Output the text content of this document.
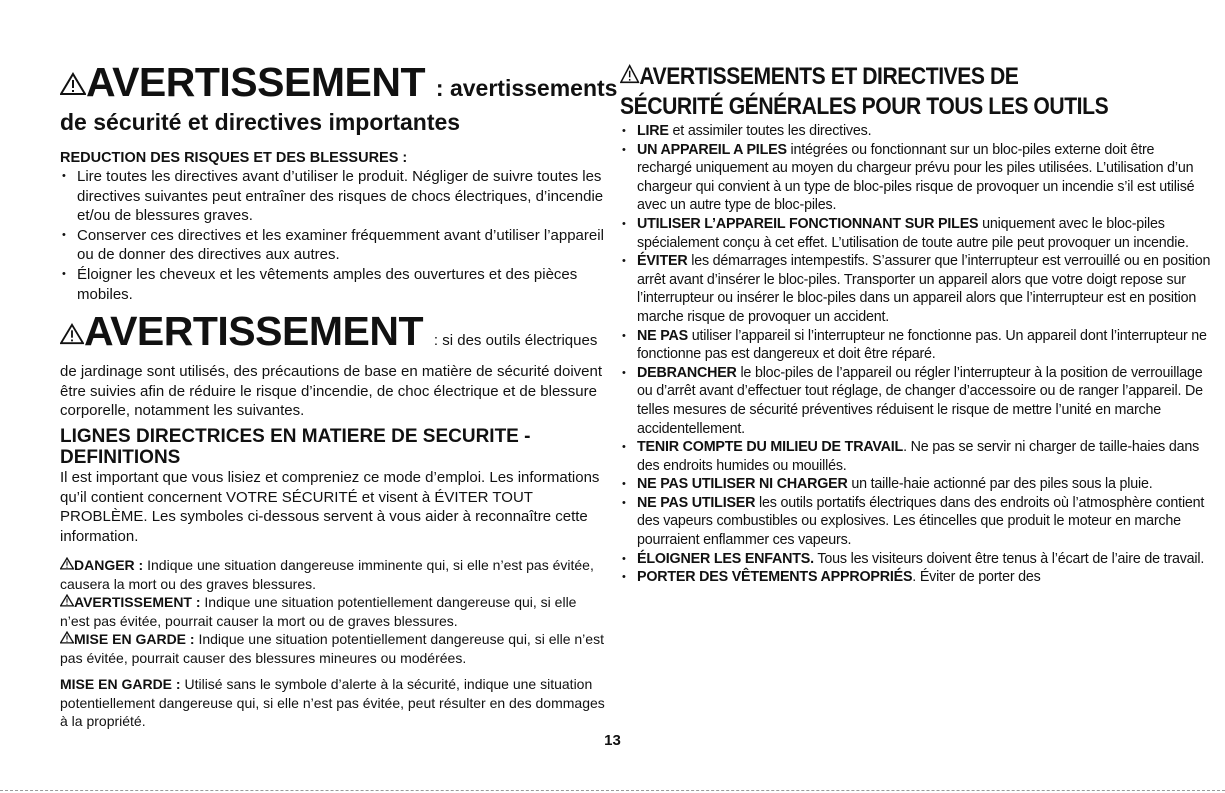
AVERTISSEMENT : avertissements
de sécurité et directives importantes
REDUCTION DES RISQUES ET DES BLESSURES :
• Lire toutes les directives avant d’utiliser le produit. Négliger de suivre toutes les directives suivantes peut entraîner des risques de chocs électriques, d’incendie et/ou de blessures graves.
• Conserver ces directives et les examiner fréquemment avant d’utiliser l’appareil ou de donner des directives aux autres.
• Éloigner les cheveux et les vêtements amples des ouvertures et des pièces mobiles.
AVERTISSEMENT : si des outils électriques

de jardinage sont utilisés, des précautions de base en matière de sécurité doivent être suivies afin de réduire le risque d’incendie, de choc électrique et de blessure corporelle, notamment les suivantes.

LIGNES DIRECTRICES EN MATIERE DE SECURITE - DEFINITIONS

Il est important que vous lisiez et compreniez ce mode d’emploi. Les informations qu’il contient concernent VOTRE SÉCURITÉ et visent à ÉVITER TOUT PROBLÈME. Les symboles ci-dessous servent à vous aider à reconnaître cette information.

DANGER : Indique une situation dangereuse imminente qui, si elle n’est pas évitée, causera la mort ou des graves blessures.

AVERTISSEMENT : Indique une situation potentiellement dangereuse qui, si elle n’est pas évitée, pourrait causer la mort ou de graves blessures.

MISE EN GARDE : Indique une situation potentiellement dangereuse qui, si elle n’est pas évitée, pourrait causer des blessures mineures ou modérées.

MISE EN GARDE : Utilisé sans le symbole d’alerte à la sécurité, indique une situation potentiellement dangereuse qui, si elle n’est pas évitée, peut résulter en des dommages à la propriété.

AVERTISSEMENTS ET DIRECTIVES DE
SÉCURITÉ GÉNÉRALES POUR TOUS LES OUTILS
• LIRE et assimiler toutes les directives.
• UN APPAREIL A PILES intégrées ou fonctionnant sur un bloc-piles externe doit être rechargé uniquement au moyen du chargeur prévu pour les piles utilisées. L’utilisation d’un chargeur qui convient à un type de bloc-piles risque de provoquer un incendie s’il est utilisé avec un autre type de bloc-piles.
• UTILISER L’APPAREIL FONCTIONNANT SUR PILES uniquement avec le bloc-piles spécialement conçu à cet effet. L’utilisation de toute autre pile peut provoquer un incendie.
• ÉVITER les démarrages intempestifs. S’assurer que l’interrupteur est verrouillé ou en position arrêt avant d’insérer le bloc-piles. Transporter un appareil alors que votre doigt repose sur l’interrupteur ou insérer le bloc-piles dans un appareil alors que l’interrupteur est en position marche risque de provoquer un accident.
• NE PAS utiliser l’appareil si l’interrupteur ne fonctionne pas. Un appareil dont l’interrupteur ne fonctionne pas est dangereux et doit être réparé.
• DEBRANCHER le bloc-piles de l’appareil ou régler l’interrupteur à la position de verrouillage ou d’arrêt avant d’effectuer tout réglage, de changer d’accessoire ou de ranger l’appareil. De telles mesures de sécurité préventives réduisent le risque de mettre l’unité en marche accidentellement.
• TENIR COMPTE DU MILIEU DE TRAVAIL. Ne pas se servir ni charger de taille-haies dans des endroits humides ou mouillés.
• NE PAS UTILISER NI CHARGER un taille-haie actionné par des piles sous la pluie.
• NE PAS UTILISER les outils portatifs électriques dans des endroits où l’atmosphère contient des vapeurs combustibles ou explosives. Les étincelles que produit le moteur en marche pourraient enflammer ces vapeurs.
• ÉLOIGNER LES ENFANTS. Tous les visiteurs doivent être tenus à l’écart de l’aire de travail.
• PORTER DES VÊTEMENTS APPROPRIÉS. Éviter de porter des
13
